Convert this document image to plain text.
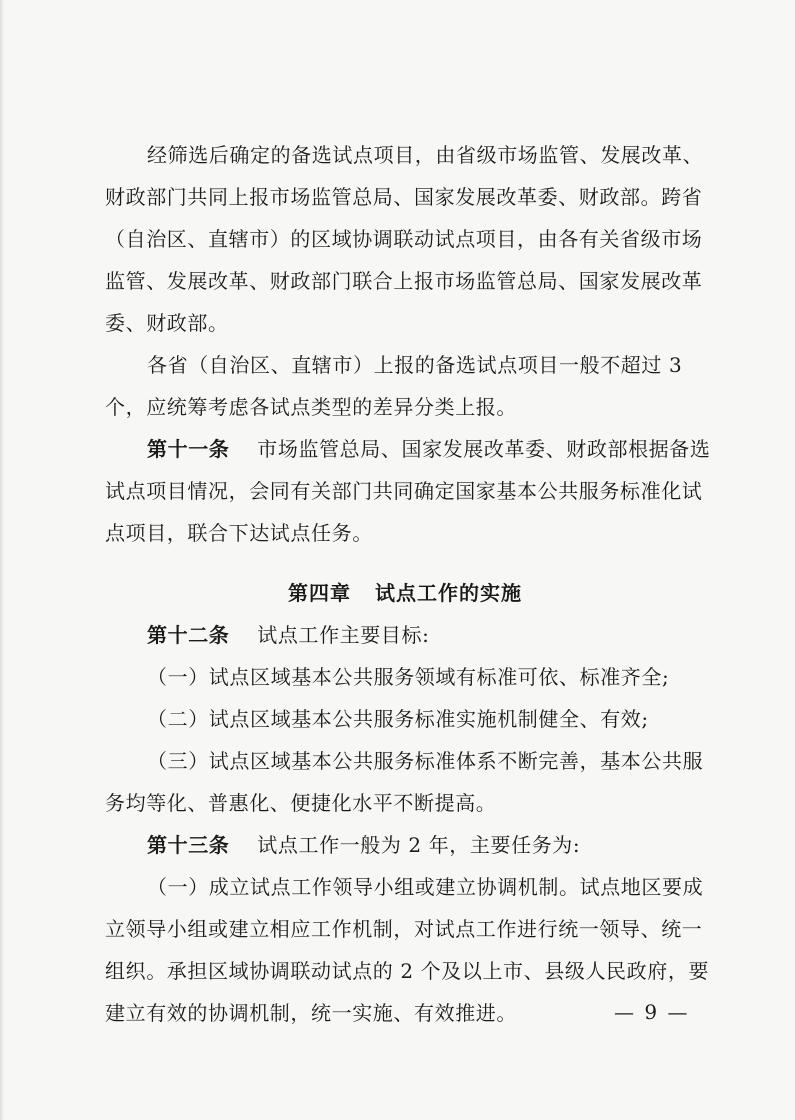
经筛选后确定的备选试点项目，由省级市场监管、发展改革、
财政部门共同上报市场监管总局、国家发展改革委、财政部。跨省
（自治区、直辖市）的区域协调联动试点项目，由各有关省级市场
监管、发展改革、财政部门联合上报市场监管总局、国家发展改革
委、财政部。
各省（自治区、直辖市）上报的备选试点项目一般不超过 3
个，应统筹考虑各试点类型的差异分类上报。
第十一条 市场监管总局、国家发展改革委、财政部根据备选
试点项目情况，会同有关部门共同确定国家基本公共服务标准化试
点项目，联合下达试点任务。
第四章 试点工作的实施
第十二条 试点工作主要目标:
（一）试点区域基本公共服务领域有标准可依、标准齐全;
（二）试点区域基本公共服务标准实施机制健全、有效;
（三）试点区域基本公共服务标准体系不断完善，基本公共服
务均等化、普惠化、便捷化水平不断提高。
第十三条 试点工作一般为 2 年，主要任务为:
（一）成立试点工作领导小组或建立协调机制。试点地区要成
立领导小组或建立相应工作机制，对试点工作进行统一领导、统一
组织。承担区域协调联动试点的 2 个及以上市、县级人民政府，要
建立有效的协调机制，统一实施、有效推进。	— 9 —
